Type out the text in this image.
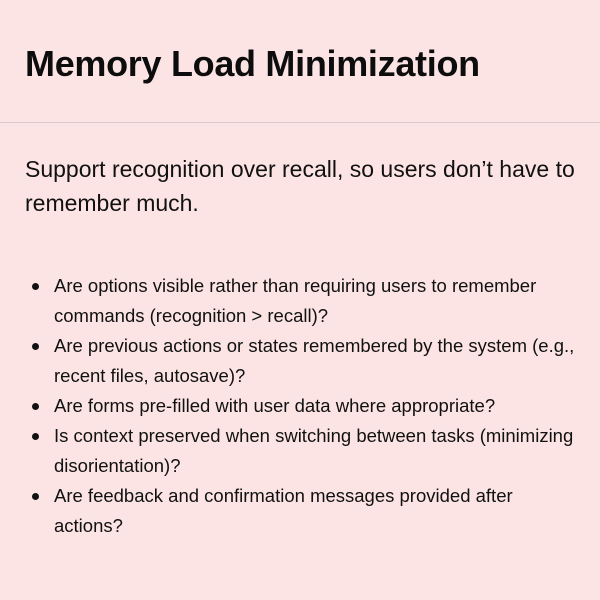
Memory Load Minimization

Support recognition over recall, so users don’t have to remember much.

Are options visible rather than requiring users to remember commands (recognition > recall)?
Are previous actions or states remembered by the system (e.g., recent files, autosave)?
Are forms pre-filled with user data where appropriate?
Is context preserved when switching between tasks (minimizing disorientation)?
Are feedback and confirmation messages provided after actions?
